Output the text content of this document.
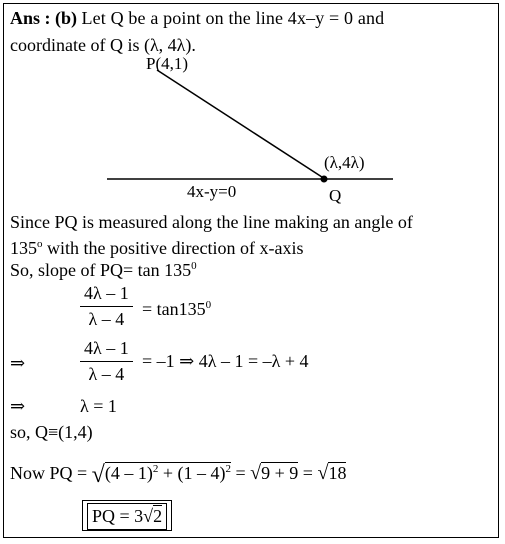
Ans : (b) Let Q be a point on the line 4x–y = 0 and
coordinate of Q is (λ, 4λ).
P(4,1)
(λ,4λ)
4x-y=0	Q
Since PQ is measured along the line making an angle of
135$^o$ with the positive direction of x-axis
So, slope of $PQ= \tan 135^0$
$\frac{4\lambda - 1}{\lambda - 4} = \tan 135^0$
⇒	$\frac{4\lambda - 1}{\lambda - 4} = -1$ ⇒ 4λ – 1 = –λ + 4
⇒	λ = 1
so, Q≡(1,4)
Now PQ = √(4 – 1)$^2$ + (1 – 4)$^2$ = √9 + 9 = √18
PQ = 3√2
